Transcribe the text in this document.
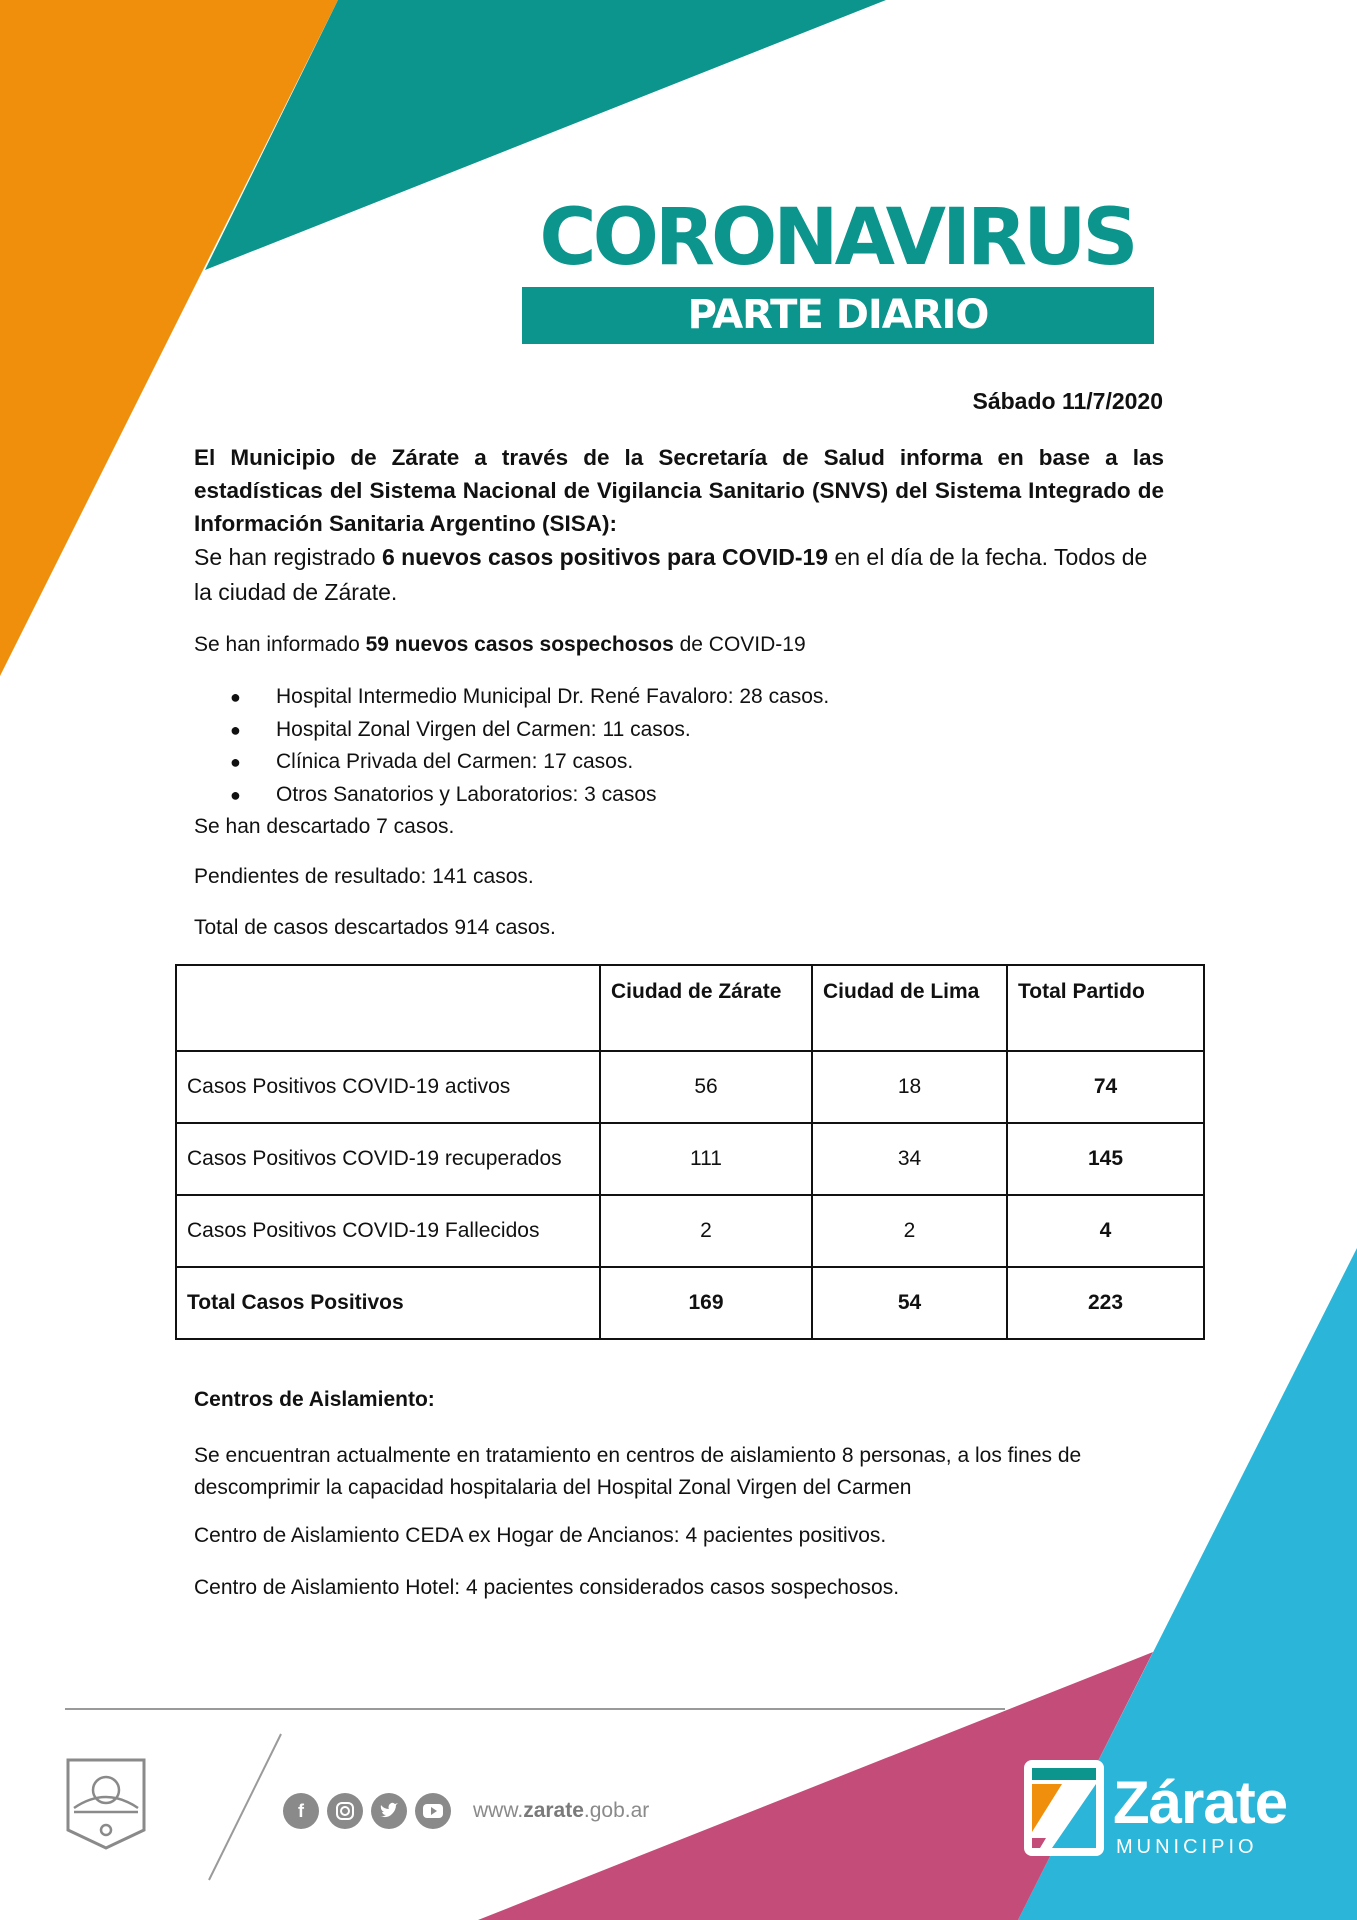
CORONAVIRUS
PARTE DIARIO
Sábado 11/7/2020
El Municipio de Zárate a través de la Secretaría de Salud informa en base a las estadísticas del Sistema Nacional de Vigilancia Sanitario (SNVS) del Sistema Integrado de Información Sanitaria Argentino (SISA):
Se han registrado 6 nuevos casos positivos para COVID-19 en el día de la fecha. Todos de la ciudad de Zárate.
Se han informado 59 nuevos casos sospechosos de COVID-19
●	Hospital Intermedio Municipal Dr. René Favaloro: 28 casos.
●	Hospital Zonal Virgen del Carmen: 11 casos.
●	Clínica Privada del Carmen: 17 casos.
●	Otros Sanatorios y Laboratorios: 3 casos
Se han descartado 7 casos.
Pendientes de resultado: 141 casos.
Total de casos descartados 914 casos.
	Ciudad de Zárate	Ciudad de Lima	Total Partido
Casos Positivos COVID-19 activos	56	18	74
Casos Positivos COVID-19 recuperados	111	34	145
Casos Positivos COVID-19 Fallecidos	2	2	4
Total Casos Positivos	169	54	223
Centros de Aislamiento:
Se encuentran actualmente en tratamiento en centros de aislamiento 8 personas, a los fines de descomprimir la capacidad hospitalaria del Hospital Zonal Virgen del Carmen
Centro de Aislamiento CEDA ex Hogar de Ancianos: 4 pacientes positivos.
Centro de Aislamiento Hotel: 4 pacientes considerados casos sospechosos.
f	www.zarate.gob.ar	Zárate
MUNICIPIO
